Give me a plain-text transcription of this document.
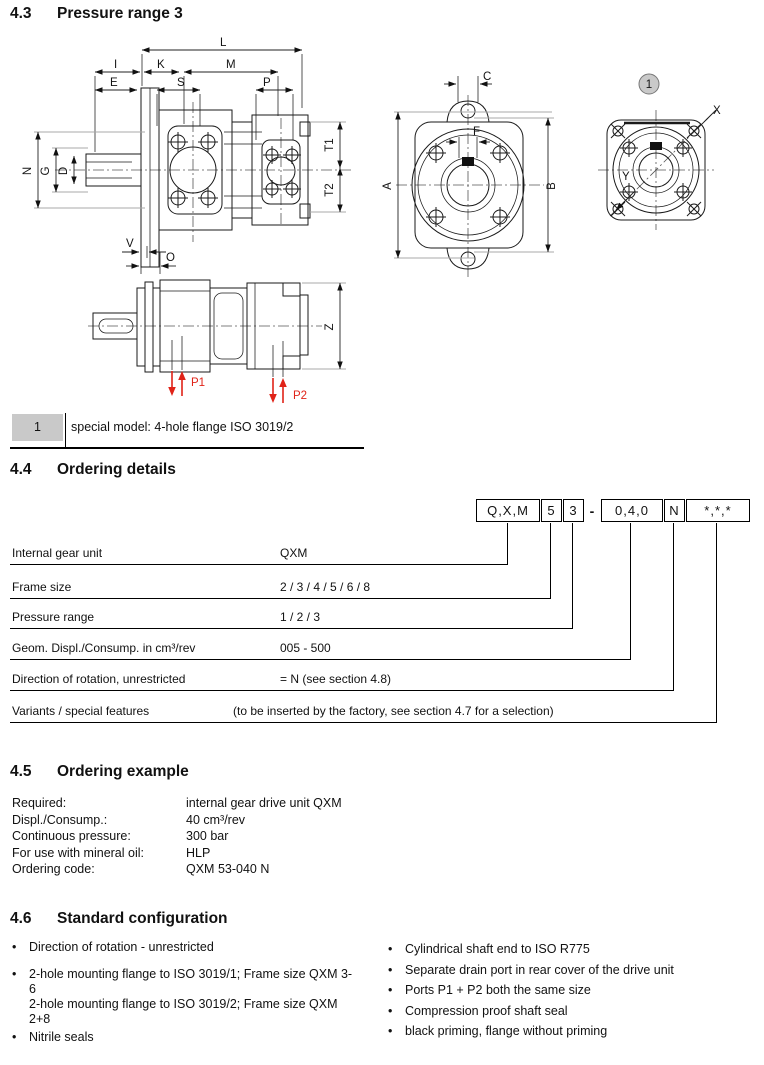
4.3 Pressure range 3
L
I	K	M
E	S	P
N G D
V
O
T1
T2	A	B
C
F
1
X
Y
Z
P1
P2
1	special model: 4-hole flange ISO 3019/2
4.4 Ordering details
Q,X,M	5	3 -	0,4,0	N	*,*,*
Internal gear unit	QXM
Frame size	2 / 3 / 4 / 5 / 6 / 8
Pressure range	1 / 2 / 3
Geom. Displ./Consump. in cm³/rev	005 - 500
Direction of rotation, unrestricted	= N (see section 4.8)
Variants / special features	(to be inserted by the factory, see section 4.7 for a selection)
4.5 Ordering example
Required:	internal gear drive unit QXM
Displ./Consump.:	40 cm³/rev
Continuous pressure:	300 bar
For use with mineral oil:	HLP
Ordering code:	QXM 53-040 N
4.6 Standard configuration
•
Direction of rotation - unrestricted
•
2-hole mounting flange to ISO 3019/1; Frame size QXM 3-6
2-hole mounting flange to ISO 3019/2; Frame size QXM 2+8
•
Nitrile seals
•
Cylindrical shaft end to ISO R775
•
Separate drain port in rear cover of the drive unit
•
Ports P1 + P2 both the same size
•
Compression proof shaft seal
•
black priming, flange without priming
